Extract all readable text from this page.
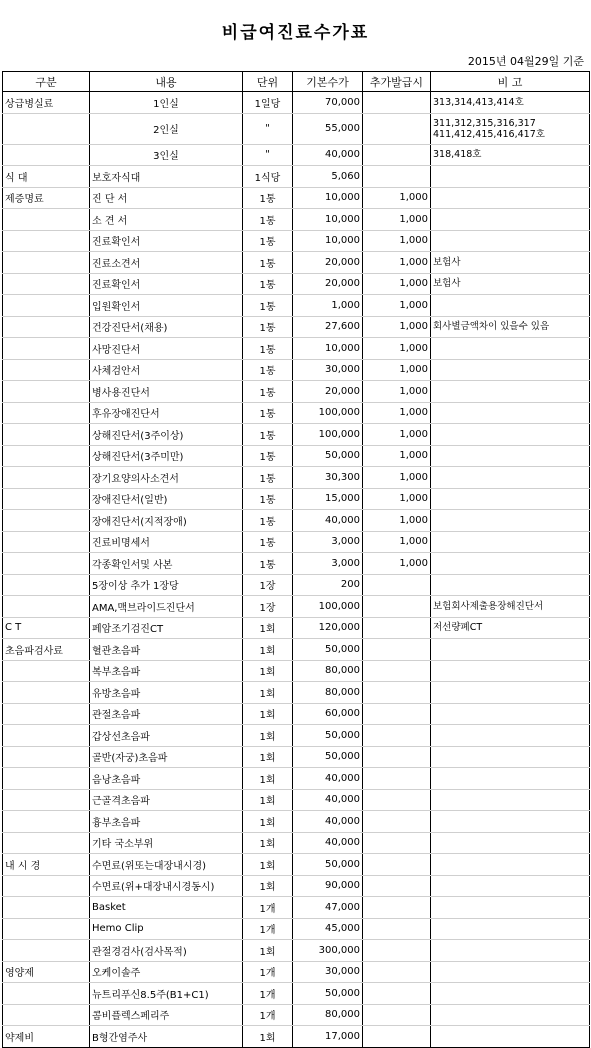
비급여진료수가표
2015년 04월29일 기준
구분	내용	단위	기본수가	추가발급시	비 고
상급병실료	1인실	1일당	70,000		313,314,413,414호
	2인실	"	55,000		311,312,315,316,317 411,412,415,416,417호
	3인실	"	40,000		318,418호
식 대	보호자식대	1식당	5,060		
제증명료	진 단 서	1통	10,000	1,000	
	소 견 서	1통	10,000	1,000	
	진료확인서	1통	10,000	1,000	
	진료소견서	1통	20,000	1,000	보험사
	진료확인서	1통	20,000	1,000	보험사
	입원확인서	1통	1,000	1,000	
	건강진단서(채용)	1통	27,600	1,000	회사별금액차이 있을수 있음
	사망진단서	1통	10,000	1,000	
	사체검안서	1통	30,000	1,000	
	병사용진단서	1통	20,000	1,000	
	후유장애진단서	1통	100,000	1,000	
	상해진단서(3주이상)	1통	100,000	1,000	
	상해진단서(3주미만)	1통	50,000	1,000	
	장기요양의사소견서	1통	30,300	1,000	
	장애진단서(일반)	1통	15,000	1,000	
	장애진단서(지적장애)	1통	40,000	1,000	
	진료비명세서	1통	3,000	1,000	
	각종확인서및 사본	1통	3,000	1,000	
	5장이상 추가 1장당	1장	200		
	AMA,맥브라이드진단서	1장	100,000		보험회사제출용장해진단서
C T	페암조기검진CT	1회	120,000		저선량폐CT
초음파검사료	혈관초음파	1회	50,000		
	복부초음파	1회	80,000		
	유방초음파	1회	80,000		
	관절초음파	1회	60,000		
	갑상선초음파	1회	50,000		
	골반(자궁)초음파	1회	50,000		
	음낭초음파	1회	40,000		
	근골격초음파	1회	40,000		
	흉부초음파	1회	40,000		
	기타 국소부위	1회	40,000		
내 시 경	수면료(위또는대장내시경)	1회	50,000		
	수면료(위+대장내시경동시)	1회	90,000		
	Basket	1개	47,000		
	Hemo Clip	1개	45,000		
	관절경검사(검사목적)	1회	300,000		
영양제	오케이솔주	1개	30,000		
	뉴트리푸신8.5주(B1+C1)	1개	50,000		
	콤비플렉스페리주	1개	80,000		
약제비	B형간염주사	1회	17,000		
